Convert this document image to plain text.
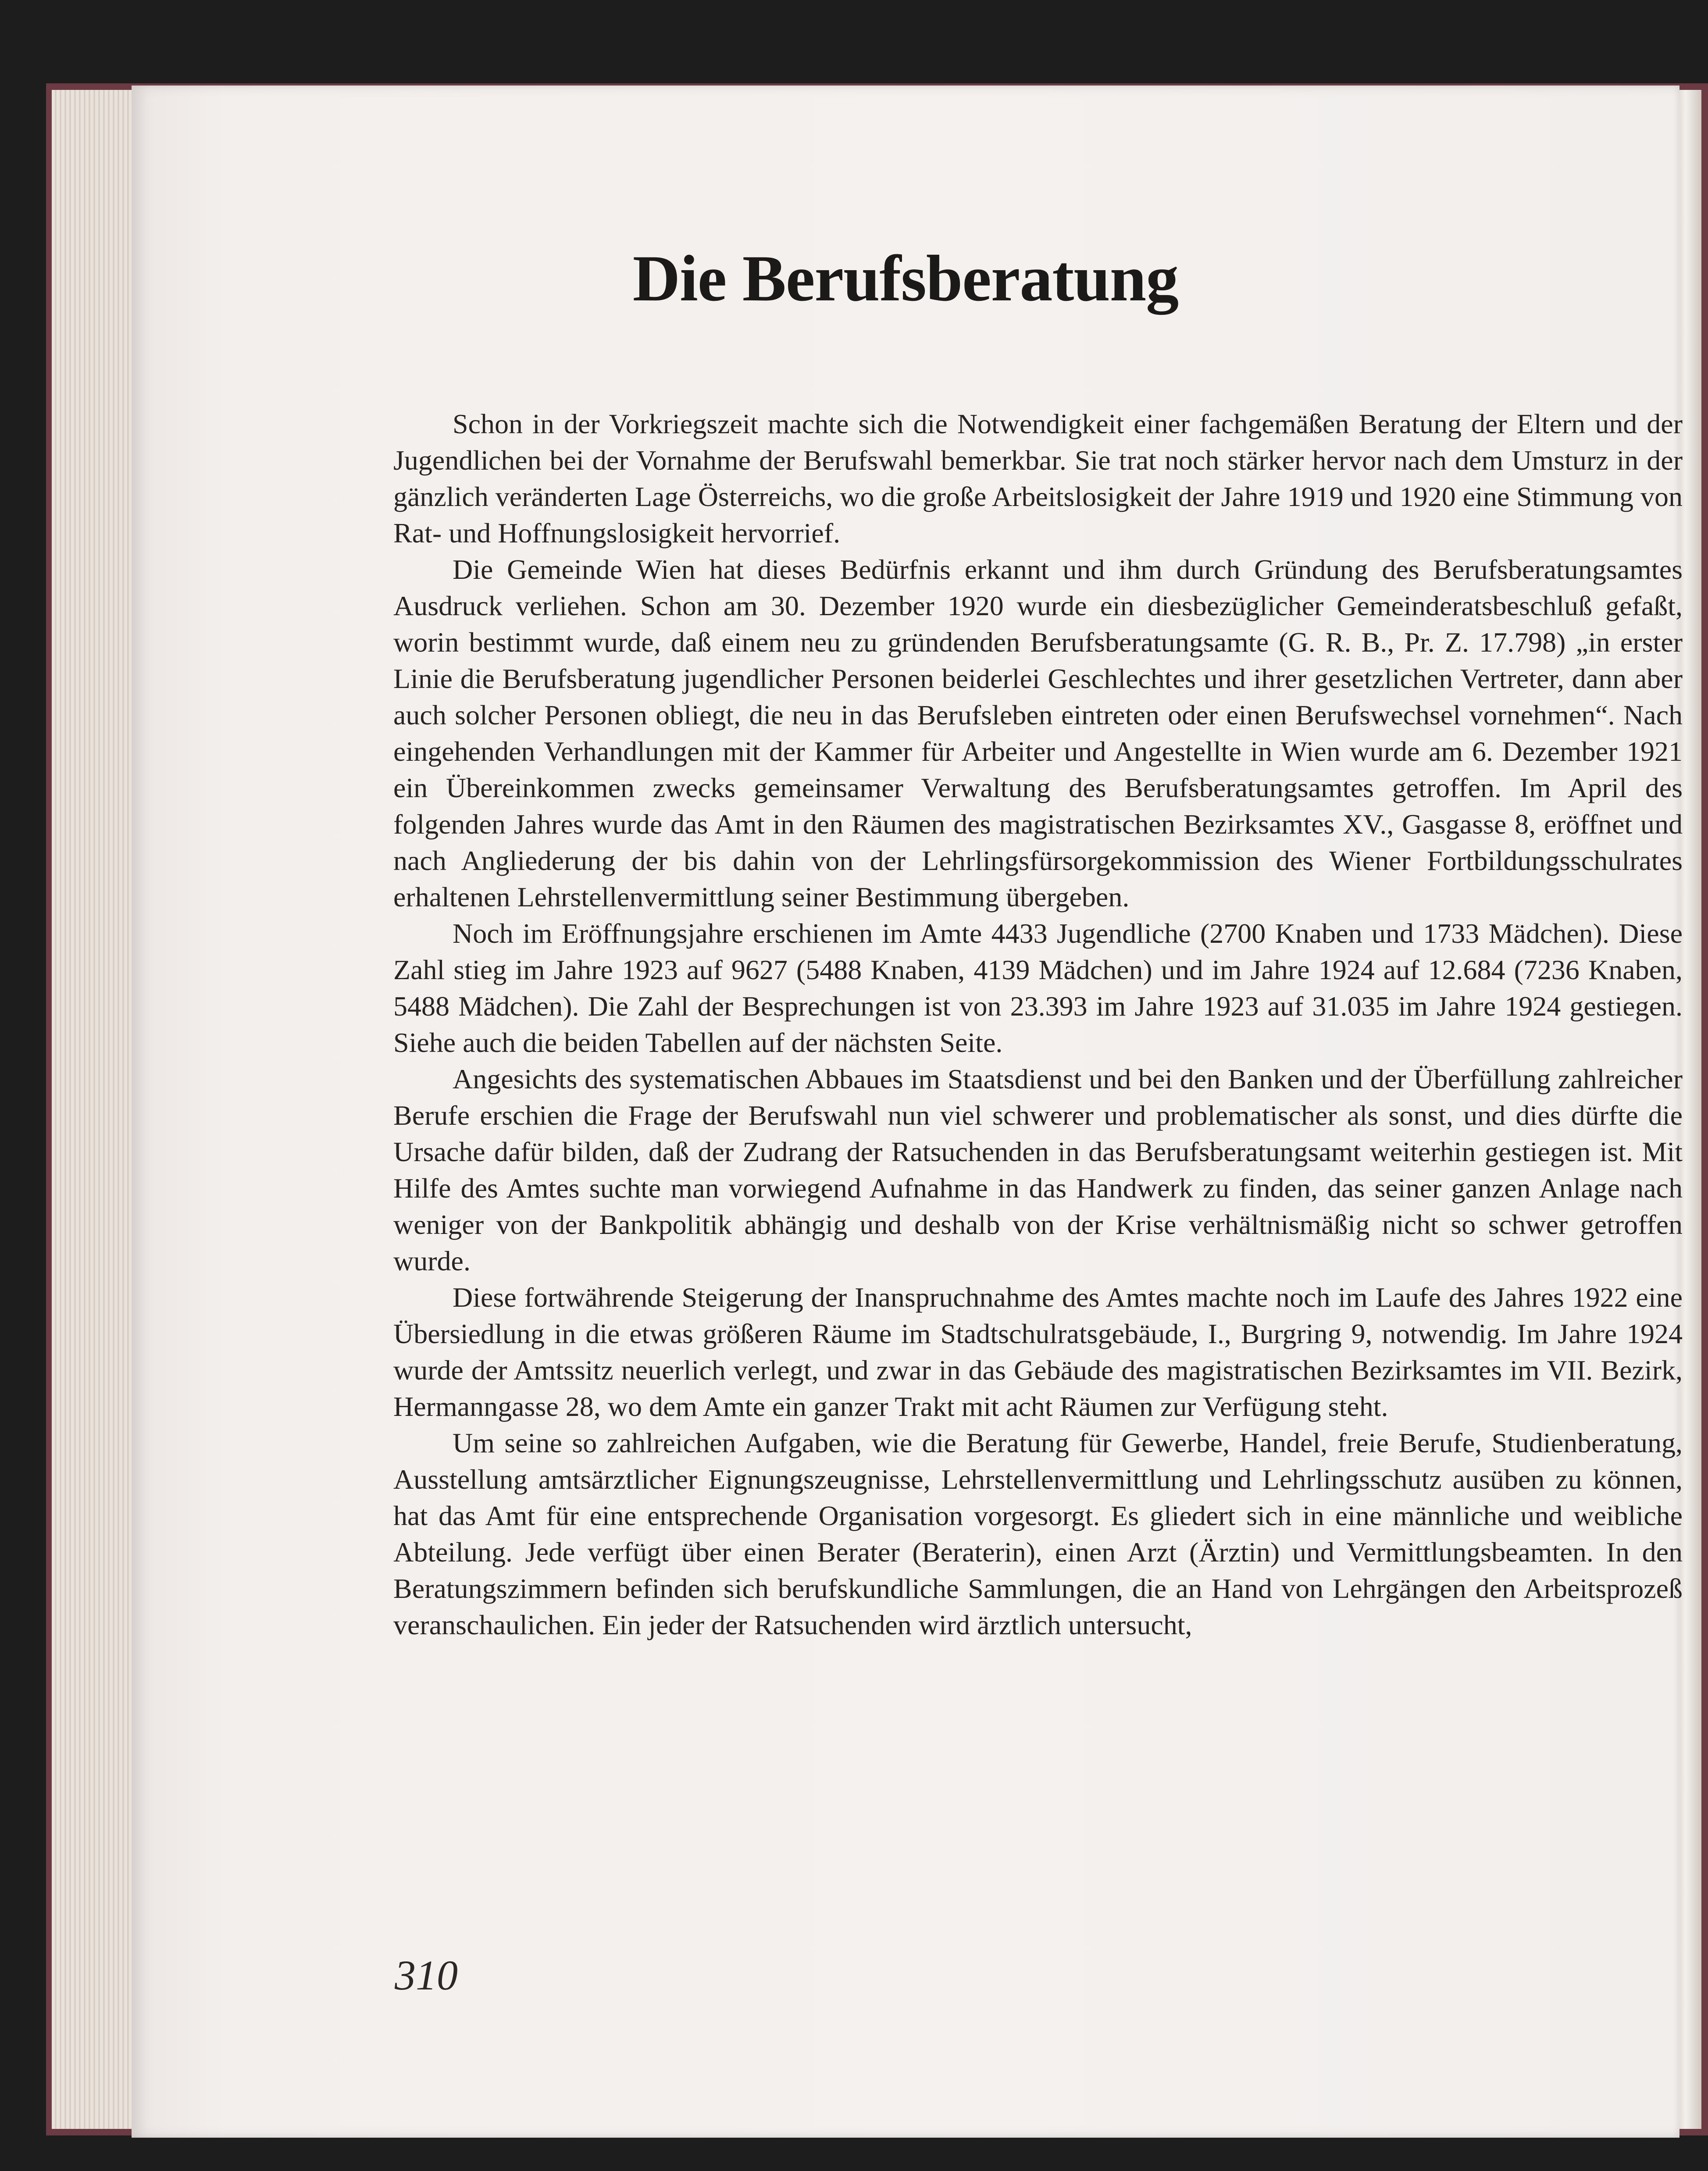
Die Berufsberatung

Schon in der Vorkriegszeit machte sich die Notwendigkeit einer fachgemäßen Beratung der Eltern und der Jugendlichen bei der Vornahme der Berufswahl bemerkbar. Sie trat noch stärker hervor nach dem Umsturz in der gänzlich veränderten Lage Österreichs, wo die große Arbeitslosigkeit der Jahre 1919 und 1920 eine Stimmung von Rat- und Hoffnungslosigkeit hervorrief.

Die Gemeinde Wien hat dieses Bedürfnis erkannt und ihm durch Gründung des Berufsberatungsamtes Ausdruck verliehen. Schon am 30. Dezember 1920 wurde ein diesbezüglicher Gemeinderatsbeschluß gefaßt, worin bestimmt wurde, daß einem neu zu gründenden Berufsberatungsamte (G. R. B., Pr. Z. 17.798) „in erster Linie die Berufsberatung jugendlicher Personen beiderlei Geschlechtes und ihrer gesetzlichen Vertreter, dann aber auch solcher Personen obliegt, die neu in das Berufsleben eintreten oder einen Berufswechsel vornehmen“. Nach eingehenden Verhandlungen mit der Kammer für Arbeiter und Angestellte in Wien wurde am 6. Dezember 1921 ein Übereinkommen zwecks gemeinsamer Verwaltung des Berufsberatungsamtes getroffen. Im April des folgenden Jahres wurde das Amt in den Räumen des magistratischen Bezirksamtes XV., Gasgasse 8, eröffnet und nach Angliederung der bis dahin von der Lehrlingsfürsorgekommission des Wiener Fortbildungsschulrates erhaltenen Lehrstellenvermittlung seiner Bestimmung übergeben.

Noch im Eröffnungsjahre erschienen im Amte 4433 Jugendliche (2700 Knaben und 1733 Mädchen). Diese Zahl stieg im Jahre 1923 auf 9627 (5488 Knaben, 4139 Mädchen) und im Jahre 1924 auf 12.684 (7236 Knaben, 5488 Mädchen). Die Zahl der Besprechungen ist von 23.393 im Jahre 1923 auf 31.035 im Jahre 1924 gestiegen. Siehe auch die beiden Tabellen auf der nächsten Seite.

Angesichts des systematischen Abbaues im Staatsdienst und bei den Banken und der Überfüllung zahlreicher Berufe erschien die Frage der Berufswahl nun viel schwerer und problematischer als sonst, und dies dürfte die Ursache dafür bilden, daß der Zudrang der Ratsuchenden in das Berufsberatungsamt weiterhin gestiegen ist. Mit Hilfe des Amtes suchte man vorwiegend Aufnahme in das Handwerk zu finden, das seiner ganzen Anlage nach weniger von der Bankpolitik abhängig und deshalb von der Krise verhältnismäßig nicht so schwer getroffen wurde.

Diese fortwährende Steigerung der Inanspruchnahme des Amtes machte noch im Laufe des Jahres 1922 eine Übersiedlung in die etwas größeren Räume im Stadtschulratsgebäude, I., Burgring 9, notwendig. Im Jahre 1924 wurde der Amtssitz neuerlich verlegt, und zwar in das Gebäude des magistratischen Bezirksamtes im VII. Bezirk, Hermanngasse 28, wo dem Amte ein ganzer Trakt mit acht Räumen zur Verfügung steht.

Um seine so zahlreichen Aufgaben, wie die Beratung für Gewerbe, Handel, freie Berufe, Studienberatung, Ausstellung amtsärztlicher Eignungszeugnisse, Lehrstellenvermittlung und Lehrlingsschutz ausüben zu können, hat das Amt für eine entsprechende Organisation vorgesorgt. Es gliedert sich in eine männliche und weibliche Abteilung. Jede verfügt über einen Berater (Beraterin), einen Arzt (Ärztin) und Vermittlungsbeamten. In den Beratungszimmern befinden sich berufskundliche Sammlungen, die an Hand von Lehrgängen den Arbeitsprozeß veranschaulichen. Ein jeder der Ratsuchenden wird ärztlich untersucht,

310
